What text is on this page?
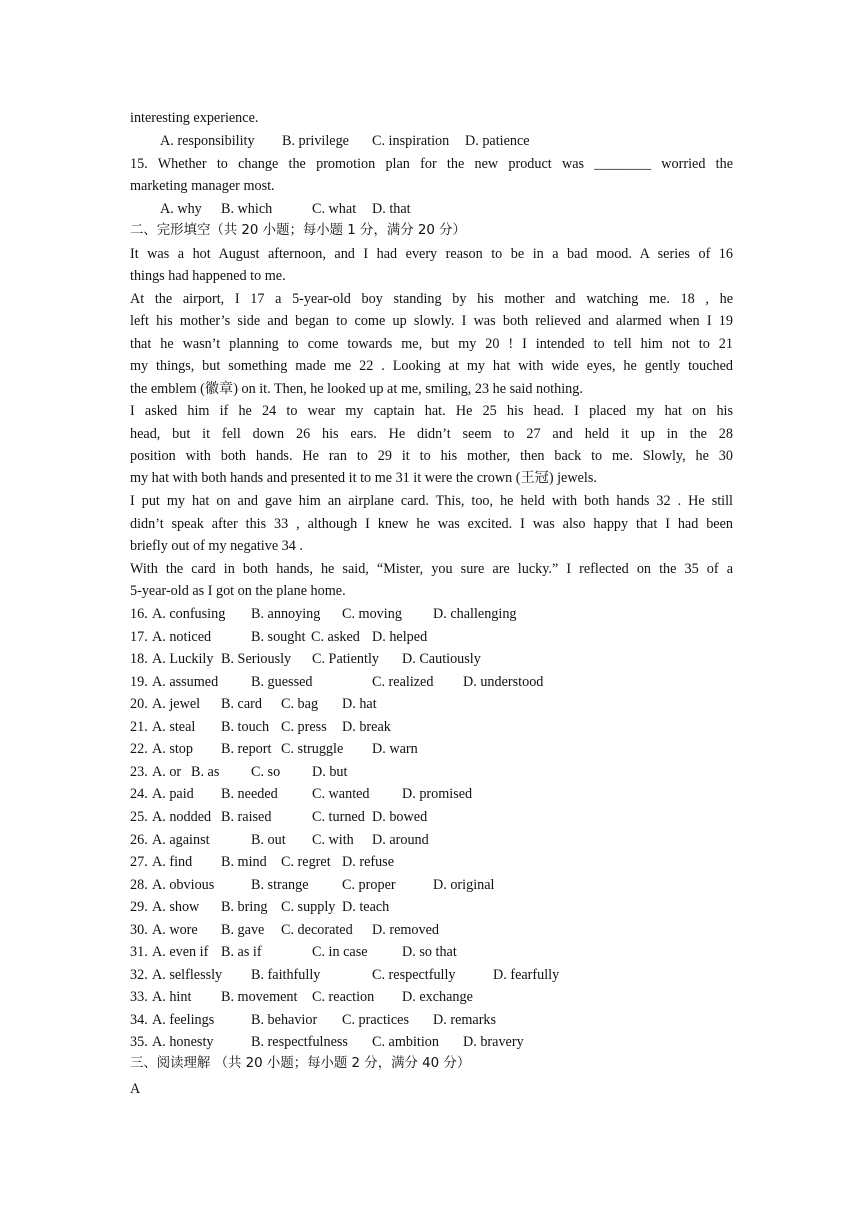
interesting experience.
A. responsibility B. privilege C. inspiration D. patience
15. Whether to change the promotion plan for the new product was ________ worried the
marketing manager most.
A. why B. which	C. what D. that
二、完形填空（共 20 小题；每小题 1 分，满分 20 分）
It was a hot August afternoon, and I had every reason to be in a bad mood. A series of 16
things had happened to me.
At the airport, I 17 a 5-year-old boy standing by his mother and watching me. 18 , he
left his mother’s side and began to come up slowly. I was both relieved and alarmed when I 19
that he wasn’t planning to come towards me, but my 20 ! I intended to tell him not to 21
my things, but something made me 22 . Looking at my hat with wide eyes, he gently touched
the emblem (徽章) on it. Then, he looked up at me, smiling, 23 he said nothing.
I asked him if he 24 to wear my captain hat. He 25 his head. I placed my hat on his
head, but it fell down 26 his ears. He didn’t seem to 27 and held it up in the 28
position with both hands. He ran to 29 it to his mother, then back to me. Slowly, he 30
my hat with both hands and presented it to me 31 it were the crown (王冠) jewels.
I put my hat on and gave him an airplane card. This, too, he held with both hands 32 . He still
didn’t speak after this 33 , although I knew he was excited. I was also happy that I had been
briefly out of my negative 34 .
With the card in both hands, he said, “Mister, you sure are lucky.” I reflected on the 35 of a
5-year-old as I got on the plane home.
16. A. confusing B. annoying C. moving D. challenging
17. A. noticed	B. sought C. asked D. helped
18. A. Luckily B. Seriously C. Patiently D. Cautiously
19. A. assumed B. guessed	C. realized D. understood
20. A. jewel B. card C. bag D. hat
21. A. steal B. touch C. press D. break
22. A. stop B. report C. struggle D. warn
23. A. or B. as C. so D. but
24. A. paid B. needed C. wanted D. promised
25. A. nodded B. raised	C. turned D. bowed
26. A. against	B. out C. with D. around
27. A. find B. mind C. regret D. refuse
28. A. obvious	B. strange C. proper	D. original
29. A. show B. bring C. supply D. teach
30. A. wore B. gave C. decorated D. removed
31. A. even if B. as if	C. in case D. so that
32. A. selflessly B. faithfully	C. respectfully	D. fearfully
33. A. hint B. movement C. reaction D. exchange
34. A. feelings	B. behavior C. practices D. remarks
35. A. honesty	B. respectfulness C. ambition D. bravery
三、阅读理解 （共 20 小题；每小题 2 分，满分 40 分）
A
